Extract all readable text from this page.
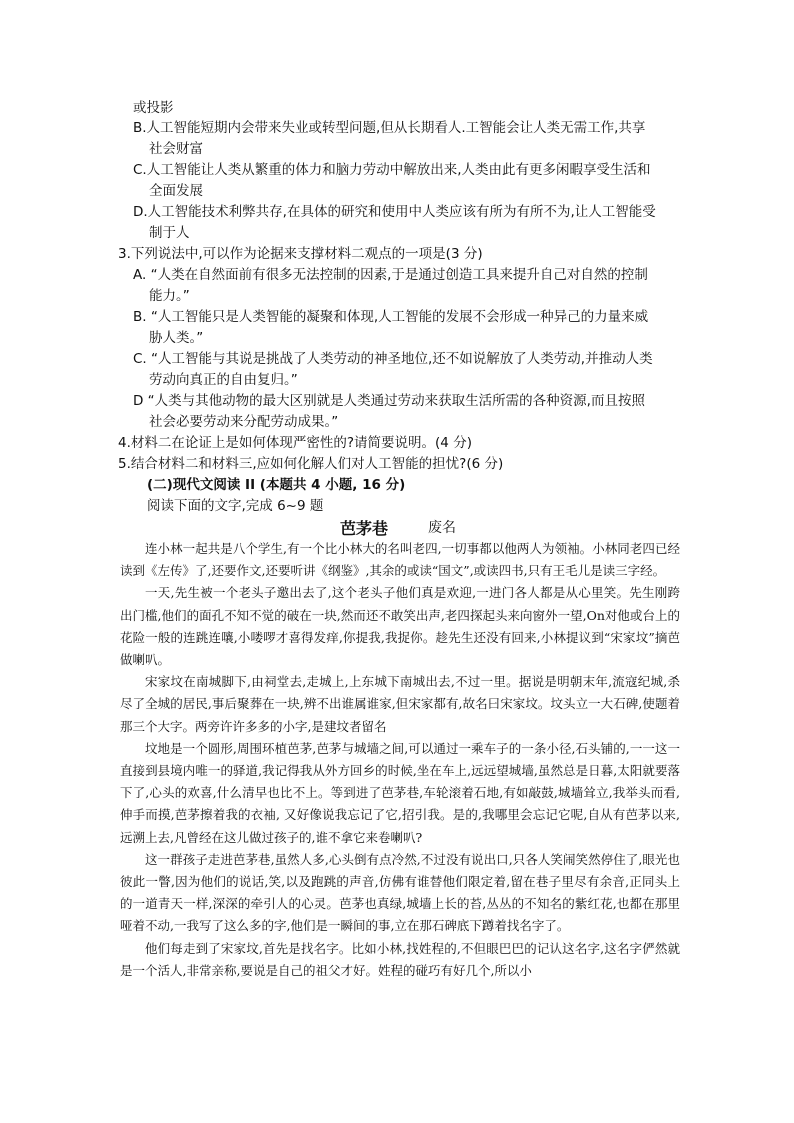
或投影
B.人工智能短期内会带来失业或转型问题,但从长期看人.工智能会让人类无需工作,共享
社会财富
C.人工智能让人类从繁重的体力和脑力劳动中解放出来,人类由此有更多闲暇享受生活和
全面发展
D.人工智能技术利弊共存,在具体的研究和使用中人类应该有所为有所不为,让人工智能受
制于人
3.下列说法中,可以作为论据来支撑材料二观点的一项是(3 分)
A. “人类在自然面前有很多无法控制的因素,于是通过创造工具来提升自己对自然的控制
能力。”
B. “人工智能只是人类智能的凝聚和体现,人工智能的发展不会形成一种异己的力量来威
胁人类。”
C. “人工智能与其说是挑战了人类劳动的神圣地位,还不如说解放了人类劳动,并推动人类
劳动向真正的自由复归。”
D “人类与其他动物的最大区别就是人类通过劳动来获取生活所需的各种资源,而且按照
社会必要劳动来分配劳动成果。”
4.材料二在论证上是如何体现严密性的?请简要说明。(4 分)
5.结合材料二和材料三,应如何化解人们对人工智能的担忧?(6 分)
(二)现代文阅读 II (本题共 4 小题, 16 分)
阅读下面的文字,完成 6~9 题
芭茅巷	废名

连小林一起共是八个学生,有一个比小林大的名叫老四,一切事都以他两人为领袖。小林同老四已经读到《左传》了,还要作文,还要听讲《纲鉴》,其余的或读“国文”,或读四书,只有王毛儿是读三字经。

一天,先生被一个老头子邀出去了,这个老头子他们真是欢迎,一进门各人都是从心里笑。先生刚跨出门槛,他们的面孔不知不觉的破在一块,然而还不敢笑出声,老四探起头来向窗外一望,On对他或台上的花险一般的连跳连嚷,小喽啰才喜得发痒,你提我,我捉你。趁先生还没有回来,小林提议到“宋家坟”摘芭做喇叭。

宋家坟在南城脚下,由祠堂去,走城上,上东城下南城出去,不过一里。据说是明朝末年,流寇纪城,杀尽了全城的居民,事后聚葬在一块,辨不出谁属谁家,但宋家都有,故名曰宋家坟。坟头立一大石碑,使题着那三个大字。两旁许许多多的小字,是建坟者留名

坟地是一个圆形,周围环植芭茅,芭茅与城墙之间,可以通过一乘车子的一条小径,石头铺的,一一这一直接到县境内唯一的驿道,我记得我从外方回乡的时候,坐在车上,远远望城墙,虽然总是日暮,太阳就要落下了,心头的欢喜,什么清早也比不上。等到进了芭茅巷,车轮滚着石地,有如敲鼓,城墙耸立,我举头而看,伸手而摸,芭茅擦着我的衣袖, 又好像说我忘记了它,招引我。是的,我哪里会忘记它呢,自从有芭茅以来,远溯上去,凡曾经在这儿做过孩子的,谁不拿它来卷喇叭?

这一群孩子走进芭茅巷,虽然人多,心头倒有点冷然,不过没有说出口,只各人笑闹笑然停住了,眼光也彼此一瞥,因为他们的说话,笑,以及跑跳的声音,仿佛有谁替他们限定着,留在巷子里尽有余音,正同头上的一道青天一样,深深的牵引人的心灵。芭茅也真绿,城墙上长的苔,丛丛的不知名的紫红花,也都在那里哑着不动,一我写了这么多的字,他们是一瞬间的事,立在那石碑底下蹲着找名字了。

他们每走到了宋家坟,首先是找名字。比如小林,找姓程的,不但眼巴巴的记认这名字,这名字俨然就是一个活人,非常亲称,要说是自己的祖父才好。姓程的碰巧有好几个,所以小
